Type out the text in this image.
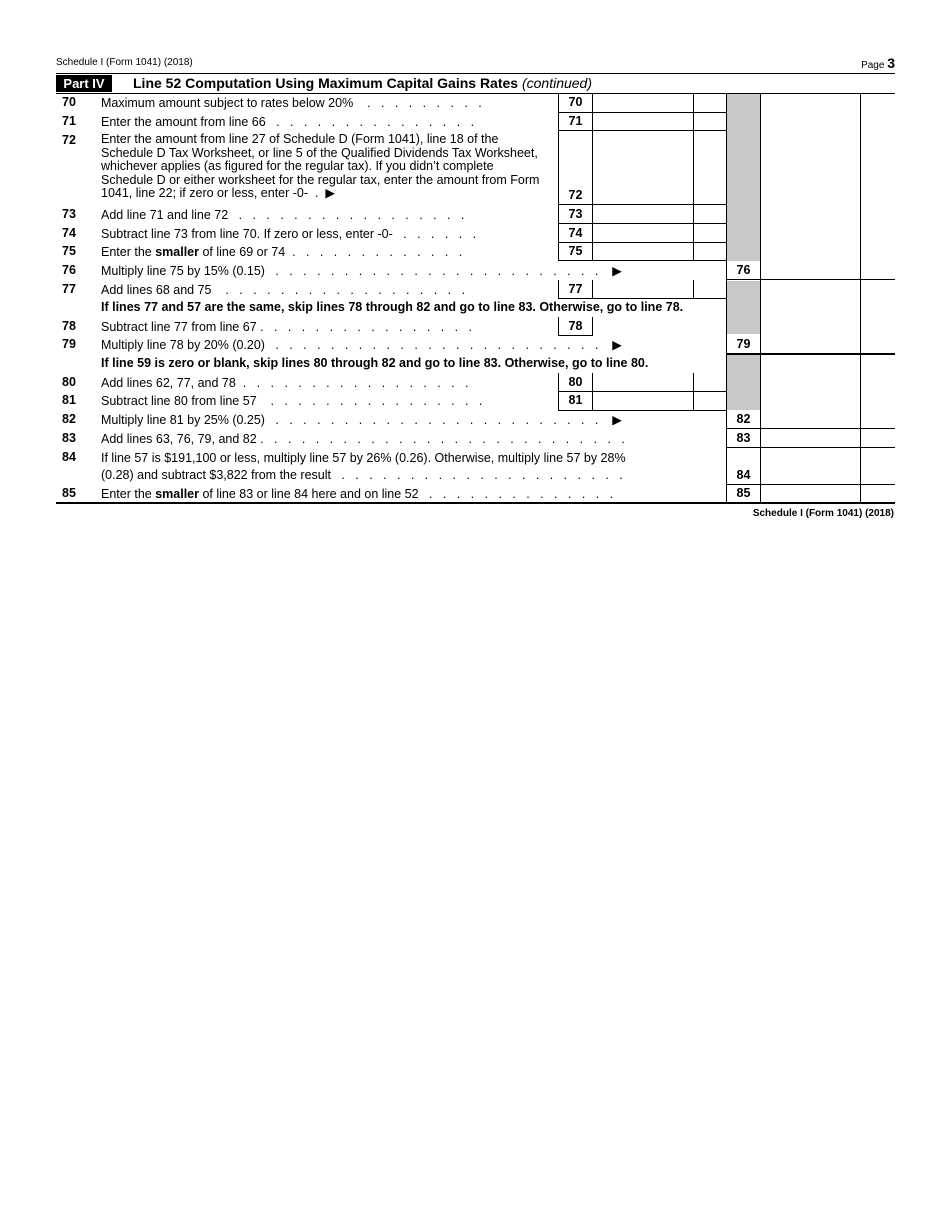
Schedule I (Form 1041) (2018)	Page 3
Part IV	Line 52 Computation Using Maximum Capital Gains Rates (continued)
70	Maximum amount subject to rates below 20%    .   .   .   .   .   .   .   .   .	70
71	Enter the amount from line 66   .   .   .   .   .   .   .   .   .   .   .   .   .   .   .	71
72	Enter the amount from line 27 of Schedule D (Form 1041), line 18 of the Schedule D Tax Worksheet, or line 5 of the Qualified Dividends Tax Worksheet, whichever applies (as figured for the regular tax). If you didn’t complete Schedule D or either worksheet for the regular tax, enter the amount from Form 1041, line 22; if zero or less, enter -0-  .  ▶	72
73	Add line 71 and line 72   .   .   .   .   .   .   .   .   .   .   .   .   .   .   .   .   .	73
74	Subtract line 73 from line 70. If zero or less, enter -0-   .   .   .   .   .   .	74
75	Enter the smaller of line 69 or 74  .   .   .   .   .   .   .   .   .   .   .   .   .	75
76	Multiply line 75 by 15% (0.15)   .   .   .   .   .   .   .   .   .   .   .   .   .   .   .   .   .   .   .   .   .   .   .   .    ▶	76
77	Add lines 68 and 75    .   .   .   .   .   .   .   .   .   .   .   .   .   .   .   .   .   .	77
If lines 77 and 57 are the same, skip lines 78 through 82 and go to line 83. Otherwise, go to line 78.
78	Subtract line 77 from line 67 .   .   .   .   .   .   .   .   .   .   .   .   .   .   .   .	78
79	Multiply line 78 by 20% (0.20)   .   .   .   .   .   .   .   .   .   .   .   .   .   .   .   .   .   .   .   .   .   .   .   .    ▶	79
If line 59 is zero or blank, skip lines 80 through 82 and go to line 83. Otherwise, go to line 80.
80	Add lines 62, 77, and 78  .   .   .   .   .   .   .   .   .   .   .   .   .   .   .   .   .	80
81	Subtract line 80 from line 57    .   .   .   .   .   .   .   .   .   .   .   .   .   .   .   .	81
82	Multiply line 81 by 25% (0.25)   .   .   .   .   .   .   .   .   .   .   .   .   .   .   .   .   .   .   .   .   .   .   .   .    ▶	82
83	Add lines 63, 76, 79, and 82 .   .   .   .   .   .   .   .   .   .   .   .   .   .   .   .   .   .   .   .   .   .   .   .   .   .   .	83
84	If line 57 is $191,100 or less, multiply line 57 by 26% (0.26). Otherwise, multiply line 57 by 28%
(0.28) and subtract $3,822 from the result   .   .   .   .   .   .   .   .   .   .   .   .   .   .   .   .   .   .   .   .   .	84
85	Enter the smaller of line 83 or line 84 here and on line 52   .   .   .   .   .   .   .   .   .   .   .   .   .   .	85
Schedule I (Form 1041) (2018)
